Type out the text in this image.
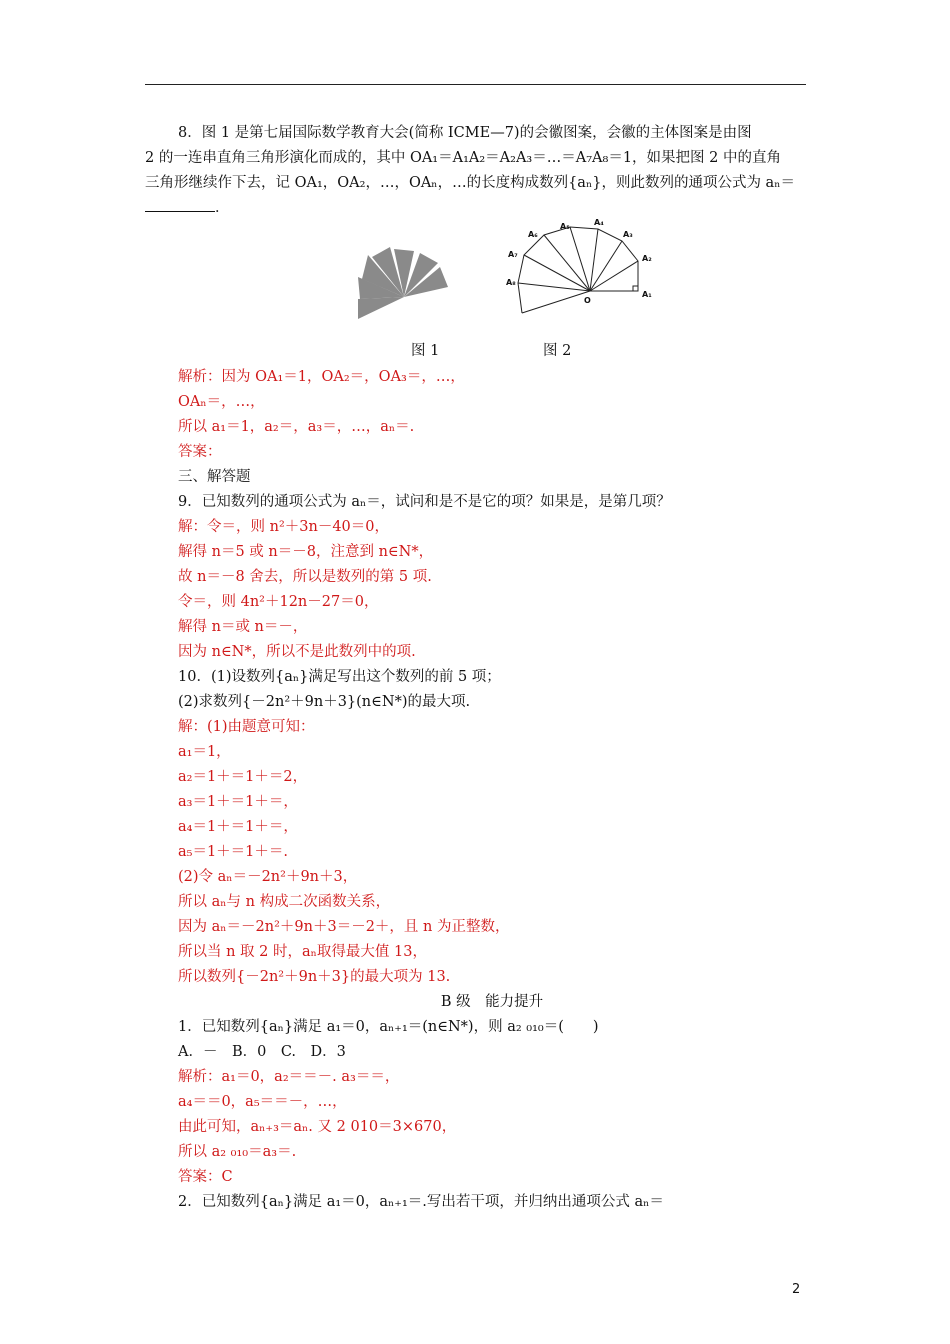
8．图 1 是第七届国际数学教育大会(简称 ICME—7)的会徽图案，会徽的主体图案是由图
2 的一连串直角三角形演化而成的，其中 OA₁＝A₁A₂＝A₂A₃＝…＝A₇A₈＝1，如果把图 2 中的直角
三角形继续作下去，记 OA₁，OA₂，…，OAₙ，…的长度构成数列{aₙ}，则此数列的通项公式为 aₙ＝
．
A₁
A₂
A₃
A₄
A₅
A₆
A₇
A₈
O
图 1	图 2
解析：因为 OA₁＝1，OA₂＝，OA₃＝，…，
OAₙ＝，…，
所以 a₁＝1，a₂＝，a₃＝，…，aₙ＝.
答案：
三、解答题
9．已知数列的通项公式为 aₙ＝，试问和是不是它的项？如果是，是第几项？
解：令＝，则 n²＋3n－40＝0，
解得 n＝5 或 n＝－8，注意到 n∈N*，
故 n＝－8 舍去，所以是数列的第 5 项.
令＝，则 4n²＋12n－27＝0，
解得 n＝或 n＝－，
因为 n∈N*，所以不是此数列中的项.
10．(1)设数列{aₙ}满足写出这个数列的前 5 项；
(2)求数列{－2n²＋9n＋3}(n∈N*)的最大项.
解：(1)由题意可知：
a₁＝1，
a₂＝1＋＝1＋＝2，
a₃＝1＋＝1＋＝，
a₄＝1＋＝1＋＝，
a₅＝1＋＝1＋＝.
(2)令 aₙ＝－2n²＋9n＋3，
所以 aₙ与 n 构成二次函数关系，
因为 aₙ＝－2n²＋9n＋3＝－2＋，且 n 为正整数，
所以当 n 取 2 时，aₙ取得最大值 13，
所以数列{－2n²＋9n＋3}的最大项为 13.
B 级　能力提升
1．已知数列{aₙ}满足 a₁＝0，aₙ₊₁＝(n∈N*)，则 a₂ ₀₁₀＝(　　)
A．－　B．0　C.　D．3
解析：a₁＝0，a₂＝＝－. a₃＝＝，
a₄＝＝0，a₅＝＝－，…，
由此可知，aₙ₊₃＝aₙ. 又 2 010＝3×670，
所以 a₂ ₀₁₀＝a₃＝.
答案：C
2．已知数列{aₙ}满足 a₁＝0，aₙ₊₁＝.写出若干项，并归纳出通项公式 aₙ＝
2
